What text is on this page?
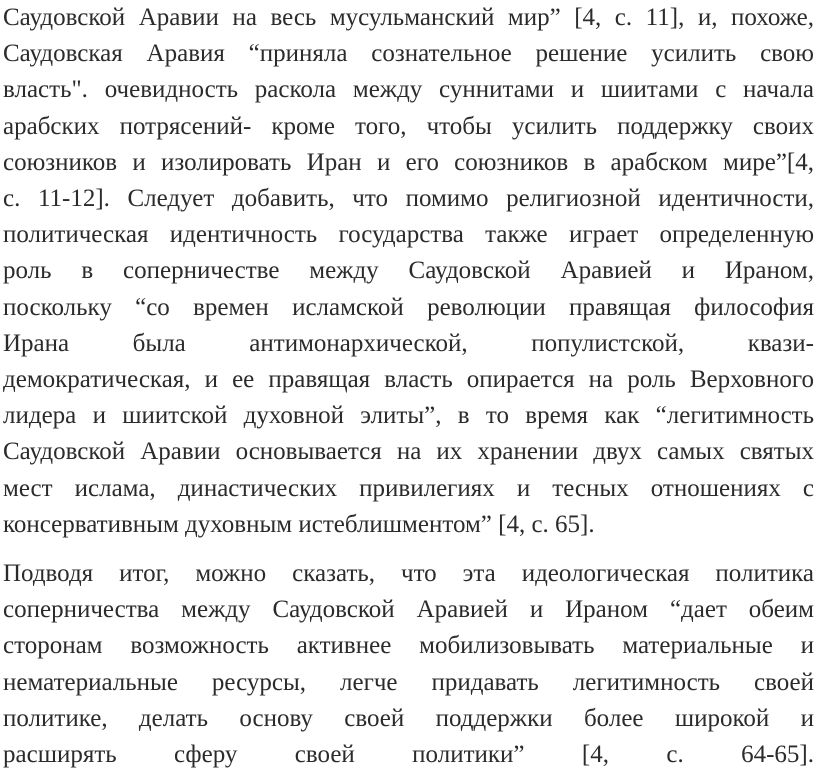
Саудовской Аравии на весь мусульманский мир” [4, с. 11], и, похоже,
Саудовская Аравия “приняла сознательное решение усилить свою
власть". очевидность раскола между суннитами и шиитами с начала
арабских потрясений- кроме того, чтобы усилить поддержку своих
союзников и изолировать Иран и его союзников в арабском мире”[4,
с. 11-12]. Следует добавить, что помимо религиозной идентичности,
политическая идентичность государства также играет определенную
роль в соперничестве между Саудовской Аравией и Ираном,
поскольку “со времен исламской революции правящая философия
Ирана была антимонархической, популистской, квази-
демократическая, и ее правящая власть опирается на роль Верховного
лидера и шиитской духовной элиты”, в то время как “легитимность
Саудовской Аравии основывается на их хранении двух самых святых
мест ислама, династических привилегиях и тесных отношениях с
консервативным духовным истеблишментом” [4, с. 65].
Подводя итог, можно сказать, что эта идеологическая политика
соперничества между Саудовской Аравией и Ираном “дает обеим
сторонам возможность активнее мобилизовывать материальные и
нематериальные ресурсы, легче придавать легитимность своей
политике, делать основу своей поддержки более широкой и
расширять сферу своей политики” [4, с. 64-65].
